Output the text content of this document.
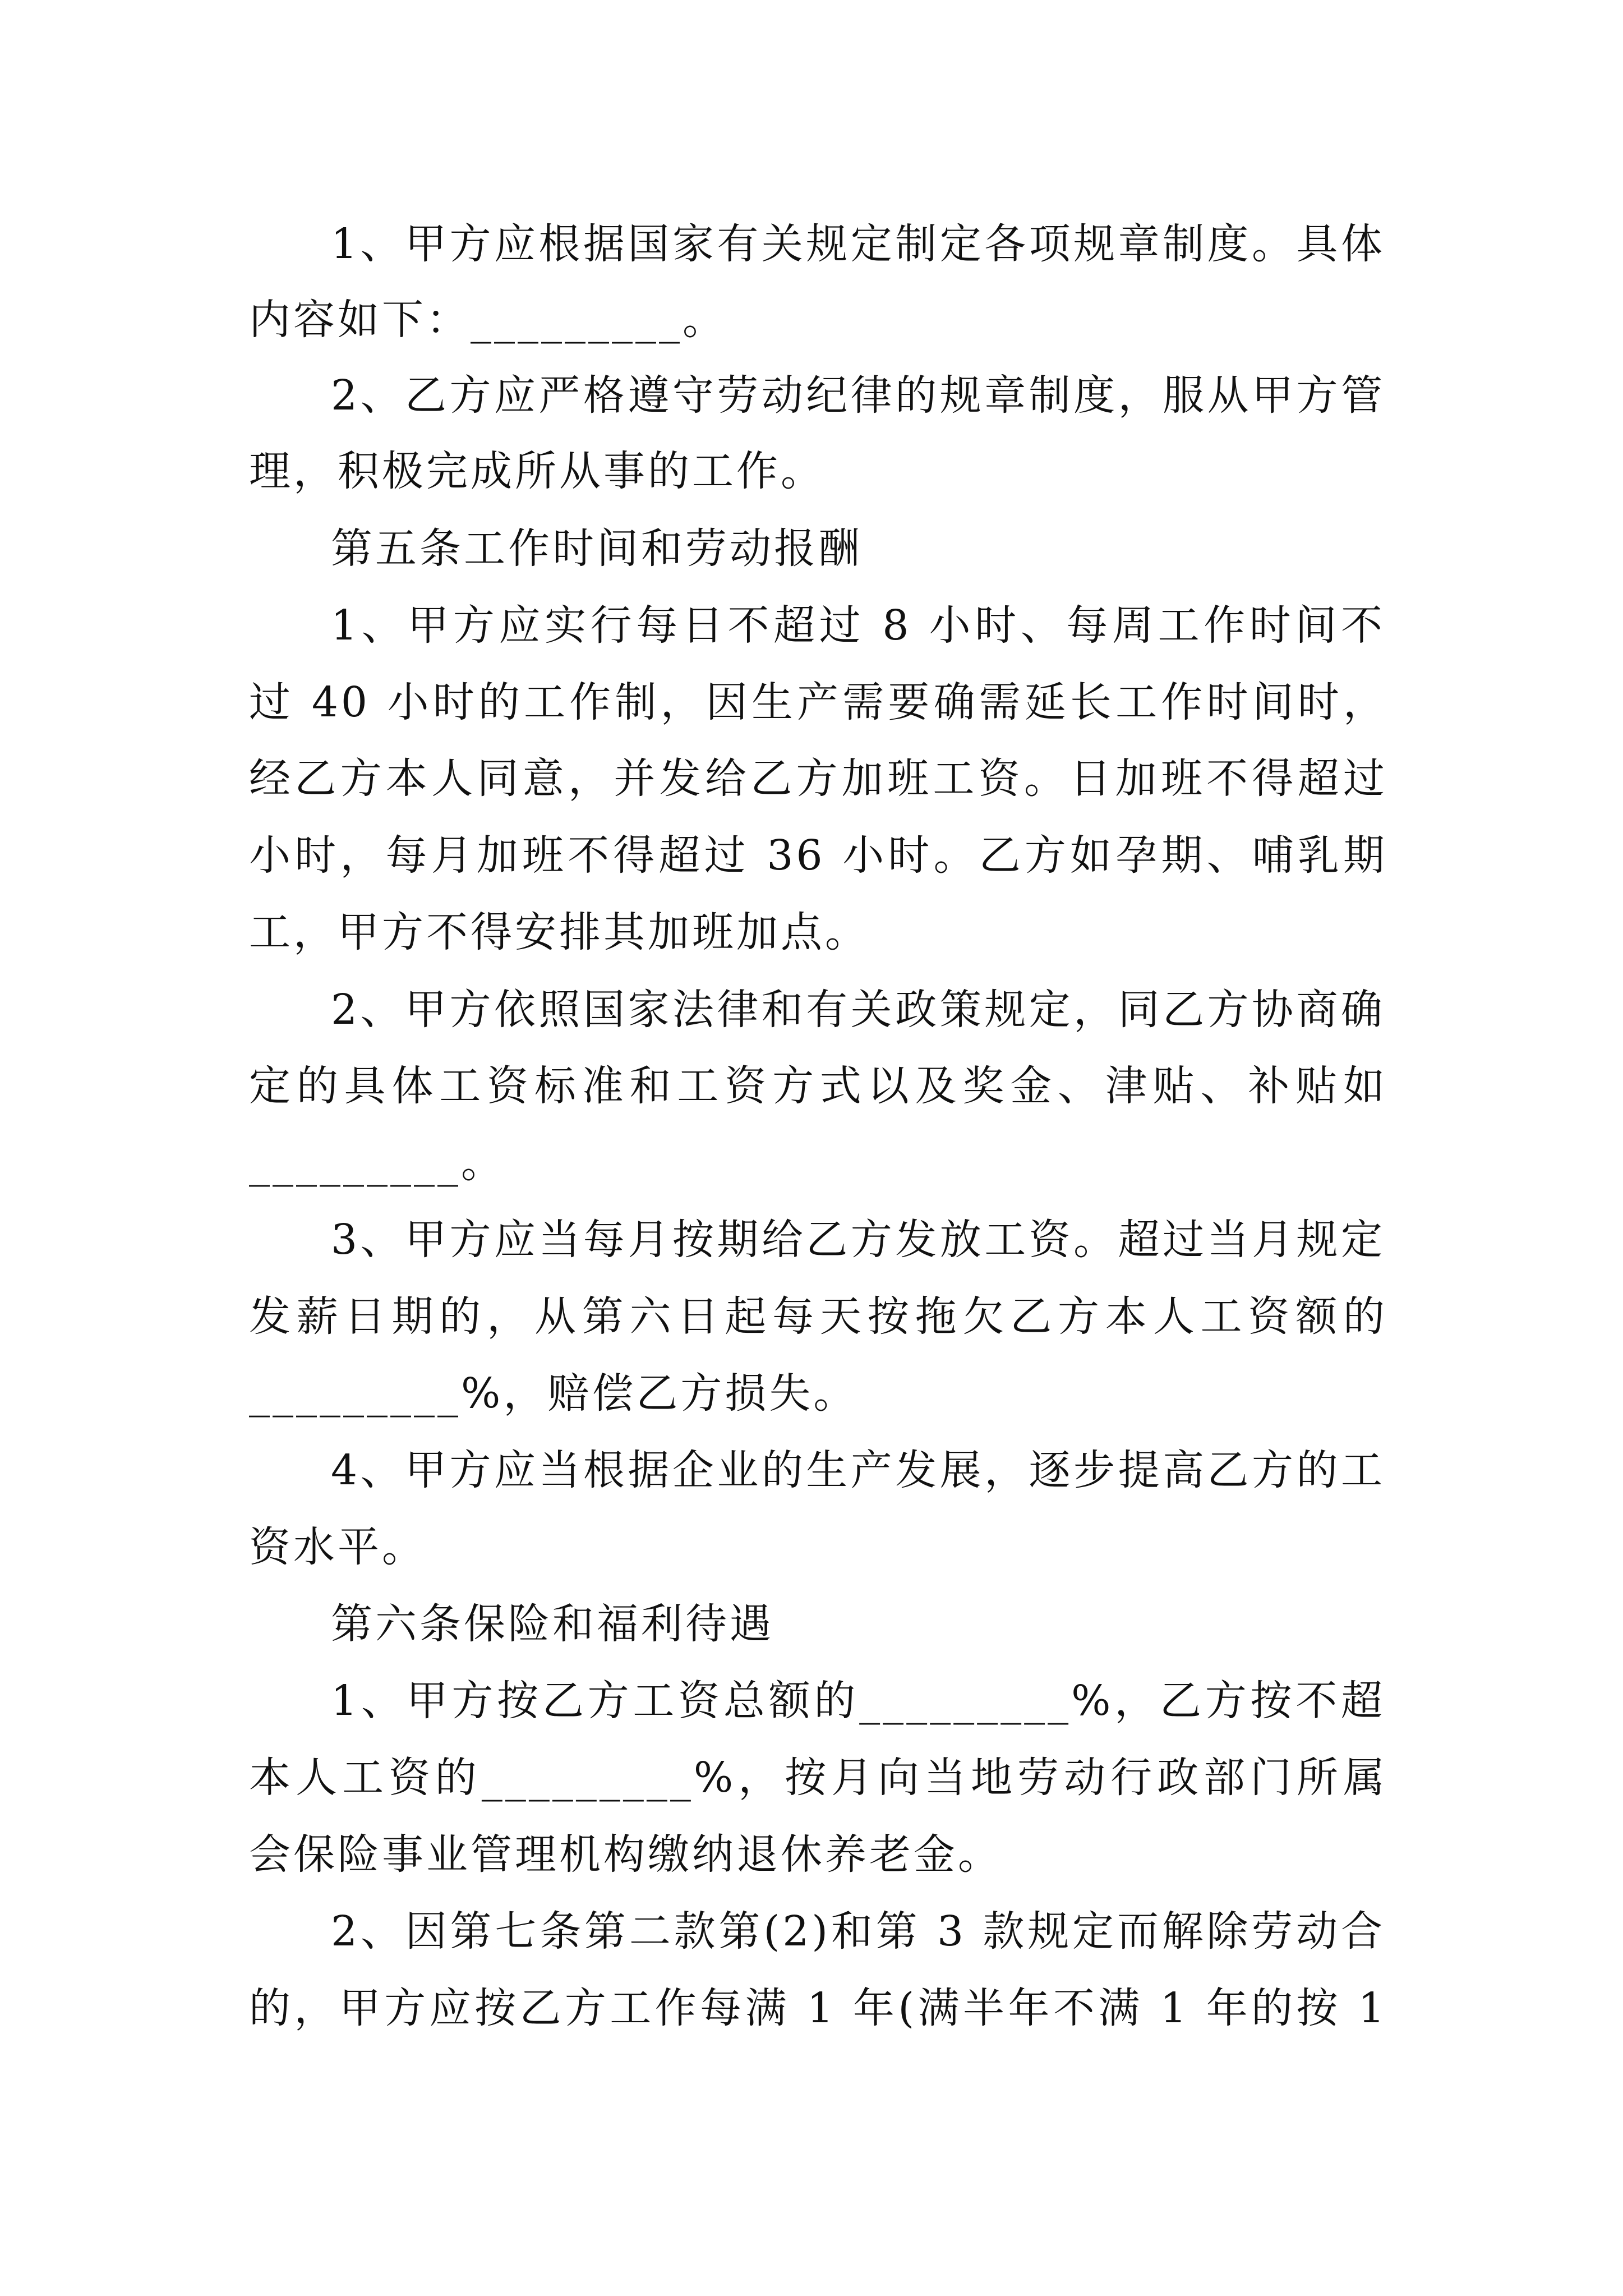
1、甲方应根据国家有关规定制定各项规章制度。具体
内容如下：_________。
2、乙方应严格遵守劳动纪律的规章制度，服从甲方管
理，积极完成所从事的工作。
第五条工作时间和劳动报酬
1、甲方应实行每日不超过 8 小时、每周工作时间不
过 40 小时的工作制，因生产需要确需延长工作时间时，
经乙方本人同意，并发给乙方加班工资。日加班不得超过
小时，每月加班不得超过 36 小时。乙方如孕期、哺乳期
工，甲方不得安排其加班加点。
2、甲方依照国家法律和有关政策规定，同乙方协商确
定的具体工资标准和工资方式以及奖金、津贴、补贴如
_________。
3、甲方应当每月按期给乙方发放工资。超过当月规定
发薪日期的，从第六日起每天按拖欠乙方本人工资额的
_________%，赔偿乙方损失。
4、甲方应当根据企业的生产发展，逐步提高乙方的工
资水平。
第六条保险和福利待遇
1、甲方按乙方工资总额的_________%，乙方按不超
本人工资的_________%，按月向当地劳动行政部门所属
会保险事业管理机构缴纳退休养老金。
2、因第七条第二款第(2)和第 3 款规定而解除劳动合
的，甲方应按乙方工作每满 1 年(满半年不满 1 年的按 1
